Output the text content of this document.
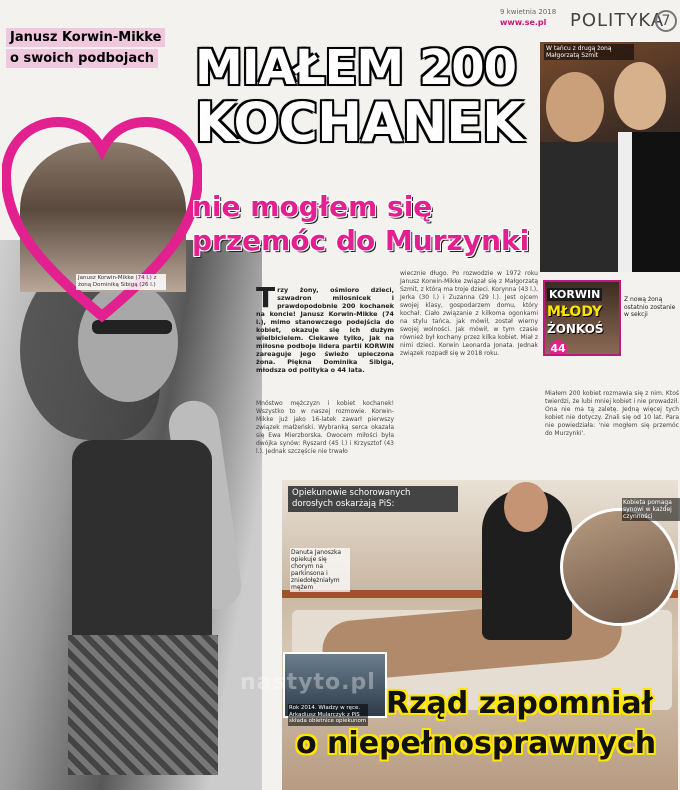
9 kwietnia 2018
www.se.pl POLITYKA
7
Janusz Korwin-Mikke
o swoich podbojach
Janusz Korwin-Mikke (74 l.) z żoną Dominiką Sibigą (26 l.)
MIAŁEM 200
KOCHANEK
nie mogłem się
przemóc do Murzynki
W tańcu z drugą żoną Małgorzatą Szmit
KORWIN
MŁODY
ŻONKOŚ
44
Z nową żoną ostatnio zostanie w sekcji
Trzy żony, ośmioro dzieci, szwadron milosnicek i prawdopodobnie 200 kochanek na koncie! Janusz Korwin-Mikke (74 l.), mimo stanowczego podejścia do kobiet, okazuje się ich dużym wielbicielem. Ciekawe tylko, jak na miłosne podboje lidera partii KORWiN zareaguje jego świeżo upieczona żona. Piękna Dominika Sibiga, młodsza od polityka o 44 lata.
Mnóstwo mężczyzn i kobiet kochanek! Wszystko to w naszej rozmowie. Korwin-Mikke już jako 16-latek zawarł pierwszy związek małżeński. Wybranką serca okazała się Ewa Mierzborska. Owocem miłości była dwójka synów: Ryszard (45 l.) i Krzysztof (43 l.). Jednak szczęście nie trwało
wiecznie długo. Po rozwodzie w 1972 roku Janusz Korwin-Mikke związał się z Małgorzatą Szmit, z którą ma troje dzieci. Korynna (43 l.), Jerka (30 l.) i Zuzanna (29 l.). Jest ojcem swojej klasy, gospodarzem domu, który kochał. Ciało związanie z kilkoma ogonkami na stylu tańca, jak mówił, został wierny swojej wolności. Jak mówił, w tym czasie również był kochany przez kilka kobiet. Miał z nimi dzieci. Korwin Leonarda Jonata. Jednak związek rozpadł się w 2018 roku.
Miałem 200 kobiet rozmawia się z nim. Ktoś twierdzi, że lubi mniej kobiet i nie prowadził. Ona nie ma tą zaletę. Jedną więcej tych kobiet nie dotyczy. Znali się od 10 lat. Para nie powiedziała: 'nie mogłem się przemóc do Murzynki'.
Opiekunowie schorowanych dorosłych oskarżają PiS:
Danuta Janoszka opiekuje się chorym na parkinsona i zniedołężniałym mężem
Kobieta pomaga synowi w każdej czynności
Rok 2014. Władzy w ręce. Arkadiusz Mularczyk z PiS składa obietnice opiekunom
nastyto.pl
Rząd zapomniał
o niepełnosprawnych
